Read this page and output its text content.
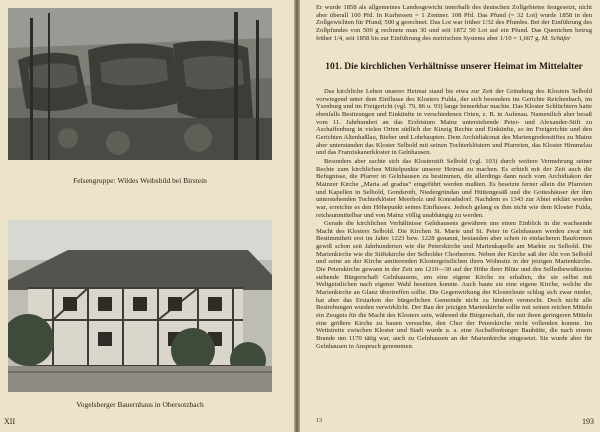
Felsengruppe: Wildes Weibsbild bei Birstein
Vogelsberger Bauernhaus in Obersotzbach
XII

Er wurde 1858 als allgemeines Landesgewicht innerhalb des deutschen Zollgebietes festgesetzt, nicht aber überall 100 Pfd. In Kurhessen = 1 Zentner. 108 Pfd. Das Pfund (= 32 Lot) wurde 1858 in den Zollgewichten für Pfund; 500 g gerechnet. Das Lot war früher 1/32 des Pfundes. Bei der Einführung des Zollpfundes von 500 g rechnete man 30 und seit 1872 50 Lot auf ein Pfund. Das Quentchen betrug früher 1/4, seit 1858 bis zur Einführung des metrischen Systems aber 1/10 = 1,667 g. M. Schäfer

101. Die kirchlichen Verhältnisse unserer Heimat im Mittelalter

Das kirchliche Leben unserer Heimat stand bis etwa zur Zeit der Gründung des Klosters Selbold vorwiegend unter dem Einflusse des Klosters Fulda, der sich besonders im Gerichte Reichenbach, im Ysenburg und im Freigericht (vgl. 79, 86 u. 93) lange bemerkbar machte. Das Kloster Schlüchtern hatte ebenfalls Besitzungen und Einkünfte in verschiedenen Orten, z. B. in Aufenau. Namentlich aber besaß vom 11. Jahrhundert an das Erzbistum Mainz unterstehende Peter- und Alexander-Stift zu Aschaffenburg in vielen Orten südlich der Kinzig Rechte und Einkünfte, so im Freigerichte und den Gerichten Altenhaßlau, Bieber und Lohrhaupten. Dem Archidiakonat des Mariengredenstiftes zu Mainz aber unterstanden das Kloster Selbold mit seinen Tochterklöstern und Pfarreien, das Kloster Himmelau und das Franziskanerkloster in Gelnhausen.

Besonders aber suchte sich das Klosterstift Selbold (vgl. 103) durch weitere Vermehrung seiner Rechte zum kirchlichen Mittelpunkte unserer Heimat zu machen. Es erhielt mit der Zeit auch die Befugnisse, die Pfarrer in Gelnhausen zu bestimmen, die allerdings dann noch vom Archidiakon der Mainzer Kirche „Maria ad gradus“ eingeführt werden mußten. Es besetzte ferner allein die Pfarreien und Kapellen in Selbold, Gondsroth, Niedergründau und Hüttengesäß und die Gotteshäuser der ihm unterstehenden Tochterklöster Meerholz und Konradsdorf. Nachdem es 1343 zur Abtei erklärt worden war, erreichte es den Höhepunkt seines Einflusses. Jedoch gelang es ihm nicht wie dem Kloster Fulda, reichsunmittelbar und von Mainz völlig unabhängig zu werden.

Gerade die kirchlichen Verhältnisse Gelnhausens gewähren uns einen Einblick in die wachsende Macht des Klosters Selbold. Die Kirchen St. Marie und St. Peter in Gelnhausen werden zwar mit Bestimmtheit erst im Jahre 1223 bzw. 1228 genannt, bestanden aber schon in einfacheren Bauformen gewiß schon seit Jahrhunderten wie die Peterskirche und Marienkapelle am Markte zu Selbold. Die Marienkirche wie die Stiftskirche der Selbolder Chorherren. Neben der Kirche saß der Abt von Selbold und seine an der Kirche amtierenden Klostergeistlichen ihren Wohnsitz in der jetzigen Marienkirche. Die Peterskirche gewann in der Zeit um 1210—30 auf der Höhe ihrer Blüte und des Selbstbewußtseins stehende Bürgerschaft Gelnhausens, um eine eigene Kirche zu erhalten, die sie selbst mit Weltgeistlichen nach eigener Wahl besetzen konnte. Auch baute sie eine eigene Kirche, welche die Marienkirche an Glanz übertreffen sollte. Die Gegenwirkung der Klosterleute schlug sich zwar nieder, hat aber das Erstarken der bürgerlichen Gemeinde nicht zu hindern vermocht. Doch nicht alle Bestrebungen wurden verwirklicht. Der Bau der jetzigen Marienkirche sollte mit seinen reichen Mitteln ein Zeugnis für die Macht des Klosters sein, während die Bürgerschaft, die mit ihren geringeren Mitteln eine größere Kirche zu bauen versuchte, den Chor der Peterskirche nicht vollenden konnte. Im Wettstreite zwischen Kloster und Stadt wurde u. a. eine Aschaffenburger Bauhütte, die nach einem Brande um 1170 tätig war, auch zu Gelnhausen an der Marienkirche eingesetzt. Sie wurde aber für Gelnhausen in Anspruch genommen.

13	193
